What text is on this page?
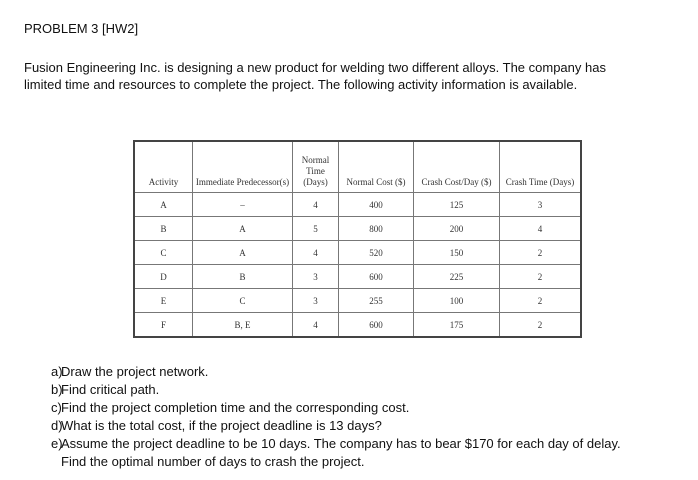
PROBLEM 3 [HW2]
Fusion Engineering Inc. is designing a new product for welding two different alloys. The company has
limited time and resources to complete the project. The following activity information is available.
Activity	Immediate Predecessor(s)	Normal Time (Days)	Normal Cost ($)	Crash Cost/Day ($)	Crash Time (Days)
A	–	4	400	125	3
B	A	5	800	200	4
C	A	4	520	150	2
D	B	3	600	225	2
E	C	3	255	100	2
F	B, E	4	600	175	2
a)
Draw the project network.
b)
Find critical path.
c) Find the project completion time and the corresponding cost.
d)
What is the total cost, if the project deadline is 13 days?
e)
Assume the project deadline to be 10 days. The company has to bear $170 for each day of delay.
Find the optimal number of days to crash the project.
